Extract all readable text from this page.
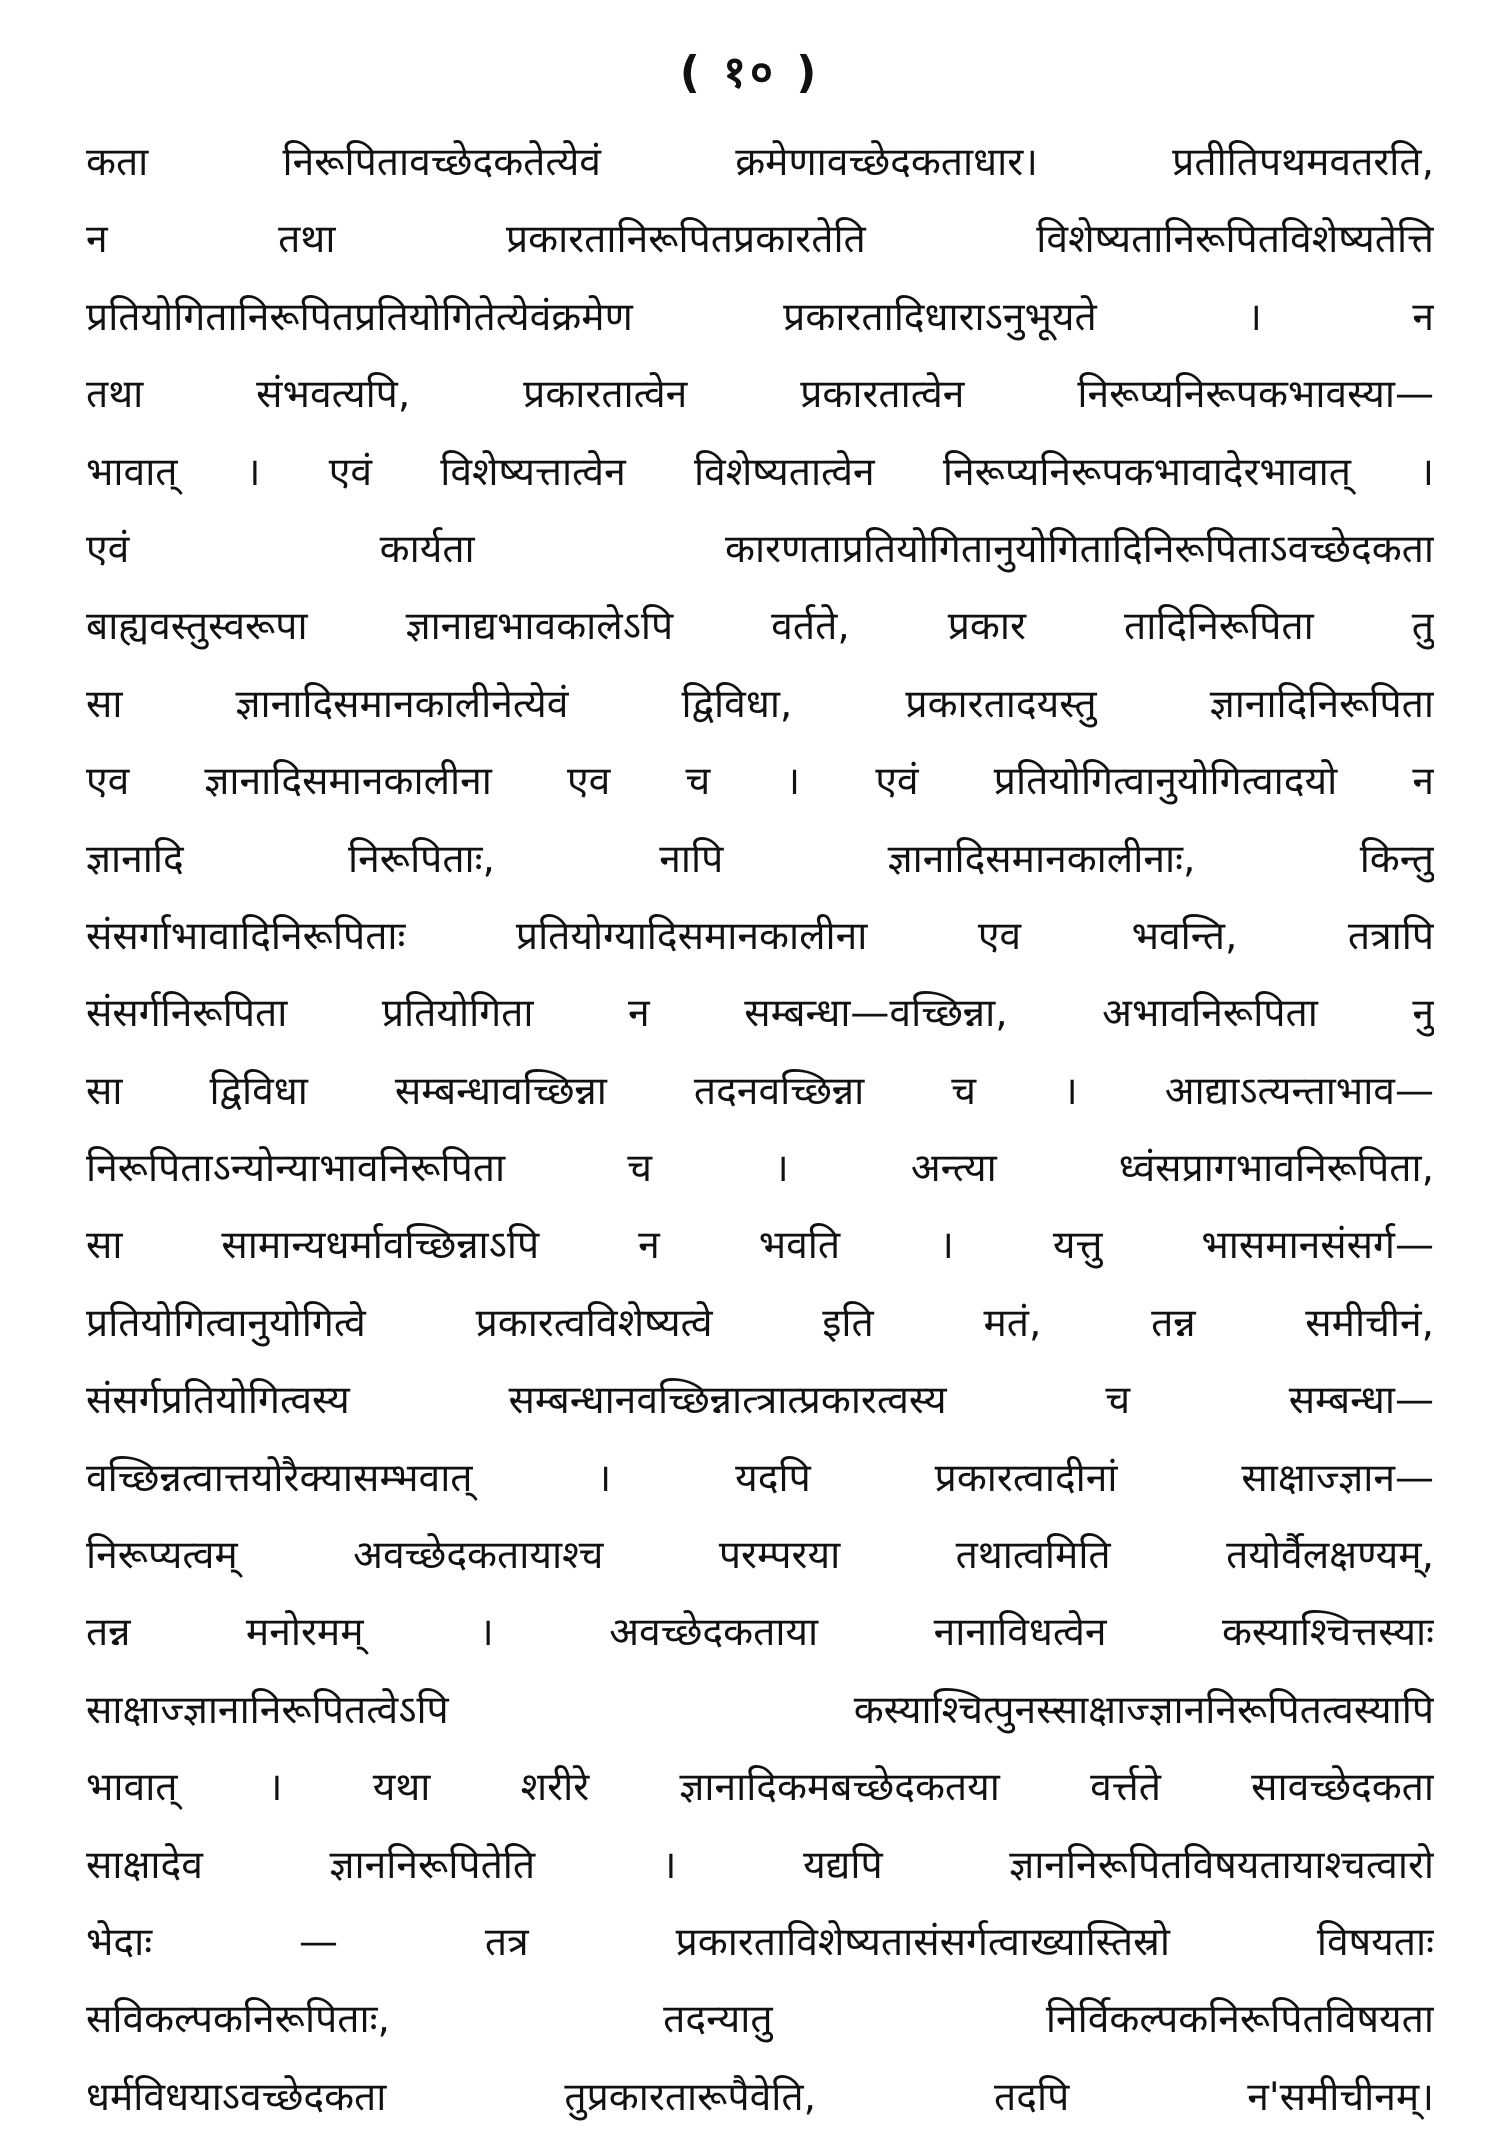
( १० )
कता निरूपितावच्छेदकतेत्येवं क्रमेणावच्छेदकताधार। प्रतीतिपथमवतरति,
न तथा प्रकारतानिरूपितप्रकारतेति विशेष्यतानिरूपितविशेष्यतेत्ति
प्रतियोगितानिरूपितप्रतियोगितेत्येवंक्रमेण प्रकारतादिधाराऽनुभूयते । न
तथा संभवत्यपि, प्रकारतात्वेन प्रकारतात्वेन निरूप्यनिरूपकभावस्या—
भावात् । एवं विशेष्यत्तात्वेन विशेष्यतात्वेन निरूप्यनिरूपकभावादेरभावात् ।
एवं कार्यता कारणताप्रतियोगितानुयोगितादिनिरूपिताऽवच्छेदकता
बाह्यवस्तुस्वरूपा ज्ञानाद्यभावकालेऽपि वर्तते, प्रकार तादिनिरूपिता तु
सा ज्ञानादिसमानकालीनेत्येवं द्विविधा, प्रकारतादयस्तु ज्ञानादिनिरूपिता
एव ज्ञानादिसमानकालीना एव च । एवं प्रतियोगित्वानुयोगित्वादयो न
ज्ञानादि निरूपिताः, नापि ज्ञानादिसमानकालीनाः, किन्तु
संसर्गाभावादिनिरूपिताः प्रतियोग्यादिसमानकालीना एव भवन्ति, तत्रापि
संसर्गनिरूपिता प्रतियोगिता न सम्बन्धा—वच्छिन्ना, अभावनिरूपिता नु
सा द्विविधा सम्बन्धावच्छिन्ना तदनवच्छिन्ना च । आद्याऽत्यन्ताभाव—
निरूपिताऽन्योन्याभावनिरूपिता च । अन्त्या ध्वंसप्रागभावनिरूपिता,
सा सामान्यधर्मावच्छिन्नाऽपि न भवति । यत्तु भासमानसंसर्ग—
प्रतियोगित्वानुयोगित्वे प्रकारत्वविशेष्यत्वे इति मतं, तन्न समीचीनं,
संसर्गप्रतियोगित्वस्य सम्बन्धानवच्छिन्नात्त्रात्प्रकारत्वस्य च सम्बन्धा—
वच्छिन्नत्वात्तयोरैक्यासम्भवात् । यदपि प्रकारत्वादीनां साक्षाज्ज्ञान—
निरूप्यत्वम् अवच्छेदकतायाश्च परम्परया तथात्वमिति तयोर्वैलक्षण्यम्,
तन्न मनोरमम् । अवच्छेदकताया नानाविधत्वेन कस्याश्चित्तस्याः
साक्षाज्ज्ञानानिरूपितत्वेऽपि कस्याश्चित्पुनस्साक्षाज्ज्ञाननिरूपितत्वस्यापि
भावात् । यथा शरीरे ज्ञानादिकमबच्छेदकतया वर्त्तते सावच्छेदकता
साक्षादेव ज्ञाननिरूपितेति । यद्यपि ज्ञाननिरूपितविषयतायाश्चत्वारो
भेदाः — तत्र प्रकारताविशेष्यतासंसर्गत्वाख्यास्तिस्रो विषयताः
सविकल्पकनिरूपिताः, तदन्यातु निर्विकल्पकनिरूपितविषयता
धर्मविधयाऽवच्छेदकता तुप्रकारतारूपैवेति, तदपि न'समीचीनम्।
